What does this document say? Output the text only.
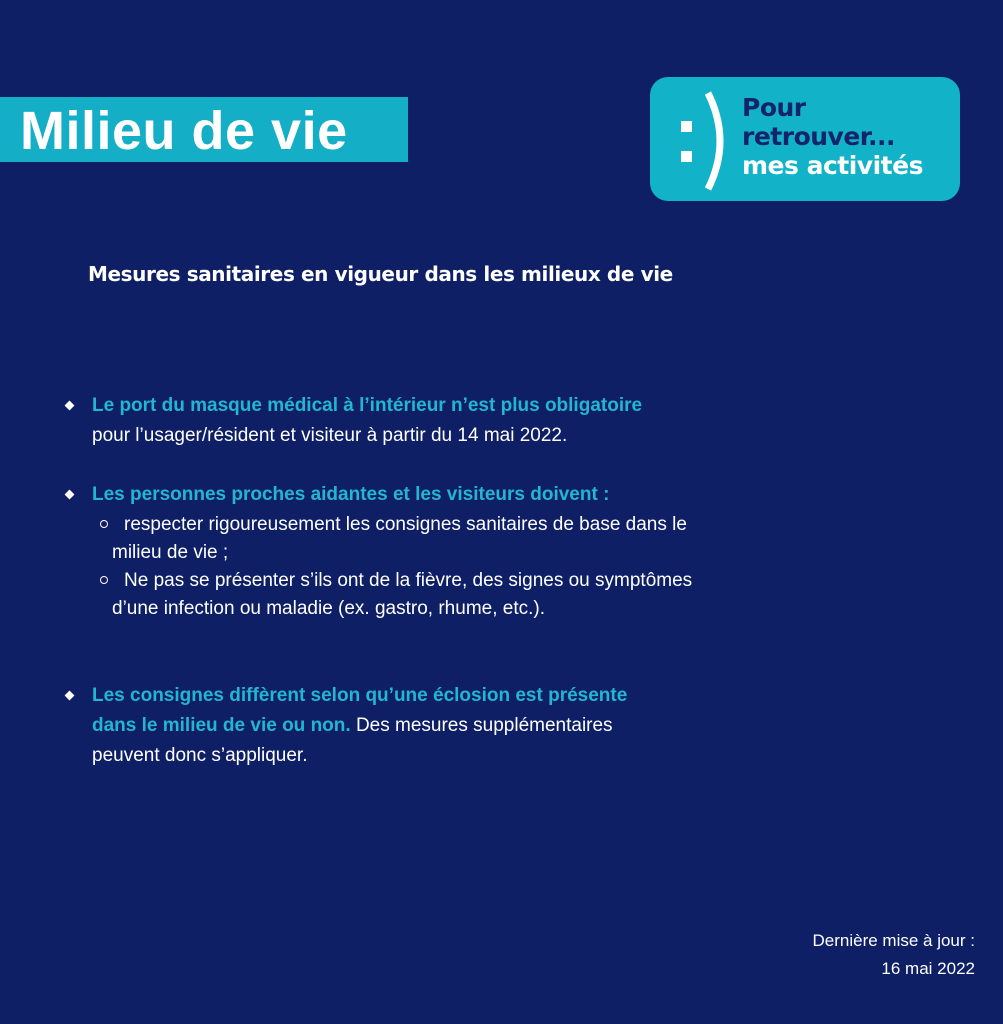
Milieu de vie	Pour
retrouver...
mes activités
Mesures sanitaires en vigueur dans les milieux de vie
Le port du masque médical à l’intérieur n’est plus obligatoire
pour l’usager/résident et visiteur à partir du 14 mai 2022.
Les personnes proches aidantes et les visiteurs doivent :
respecter rigoureusement les consignes sanitaires de base dans le
milieu de vie ;
Ne pas se présenter s’ils ont de la fièvre, des signes ou symptômes
d’une infection ou maladie (ex. gastro, rhume, etc.).
Les consignes diffèrent selon qu’une éclosion est présente
dans le milieu de vie ou non. Des mesures supplémentaires
peuvent donc s’appliquer.
Dernière mise à jour :
16 mai 2022
